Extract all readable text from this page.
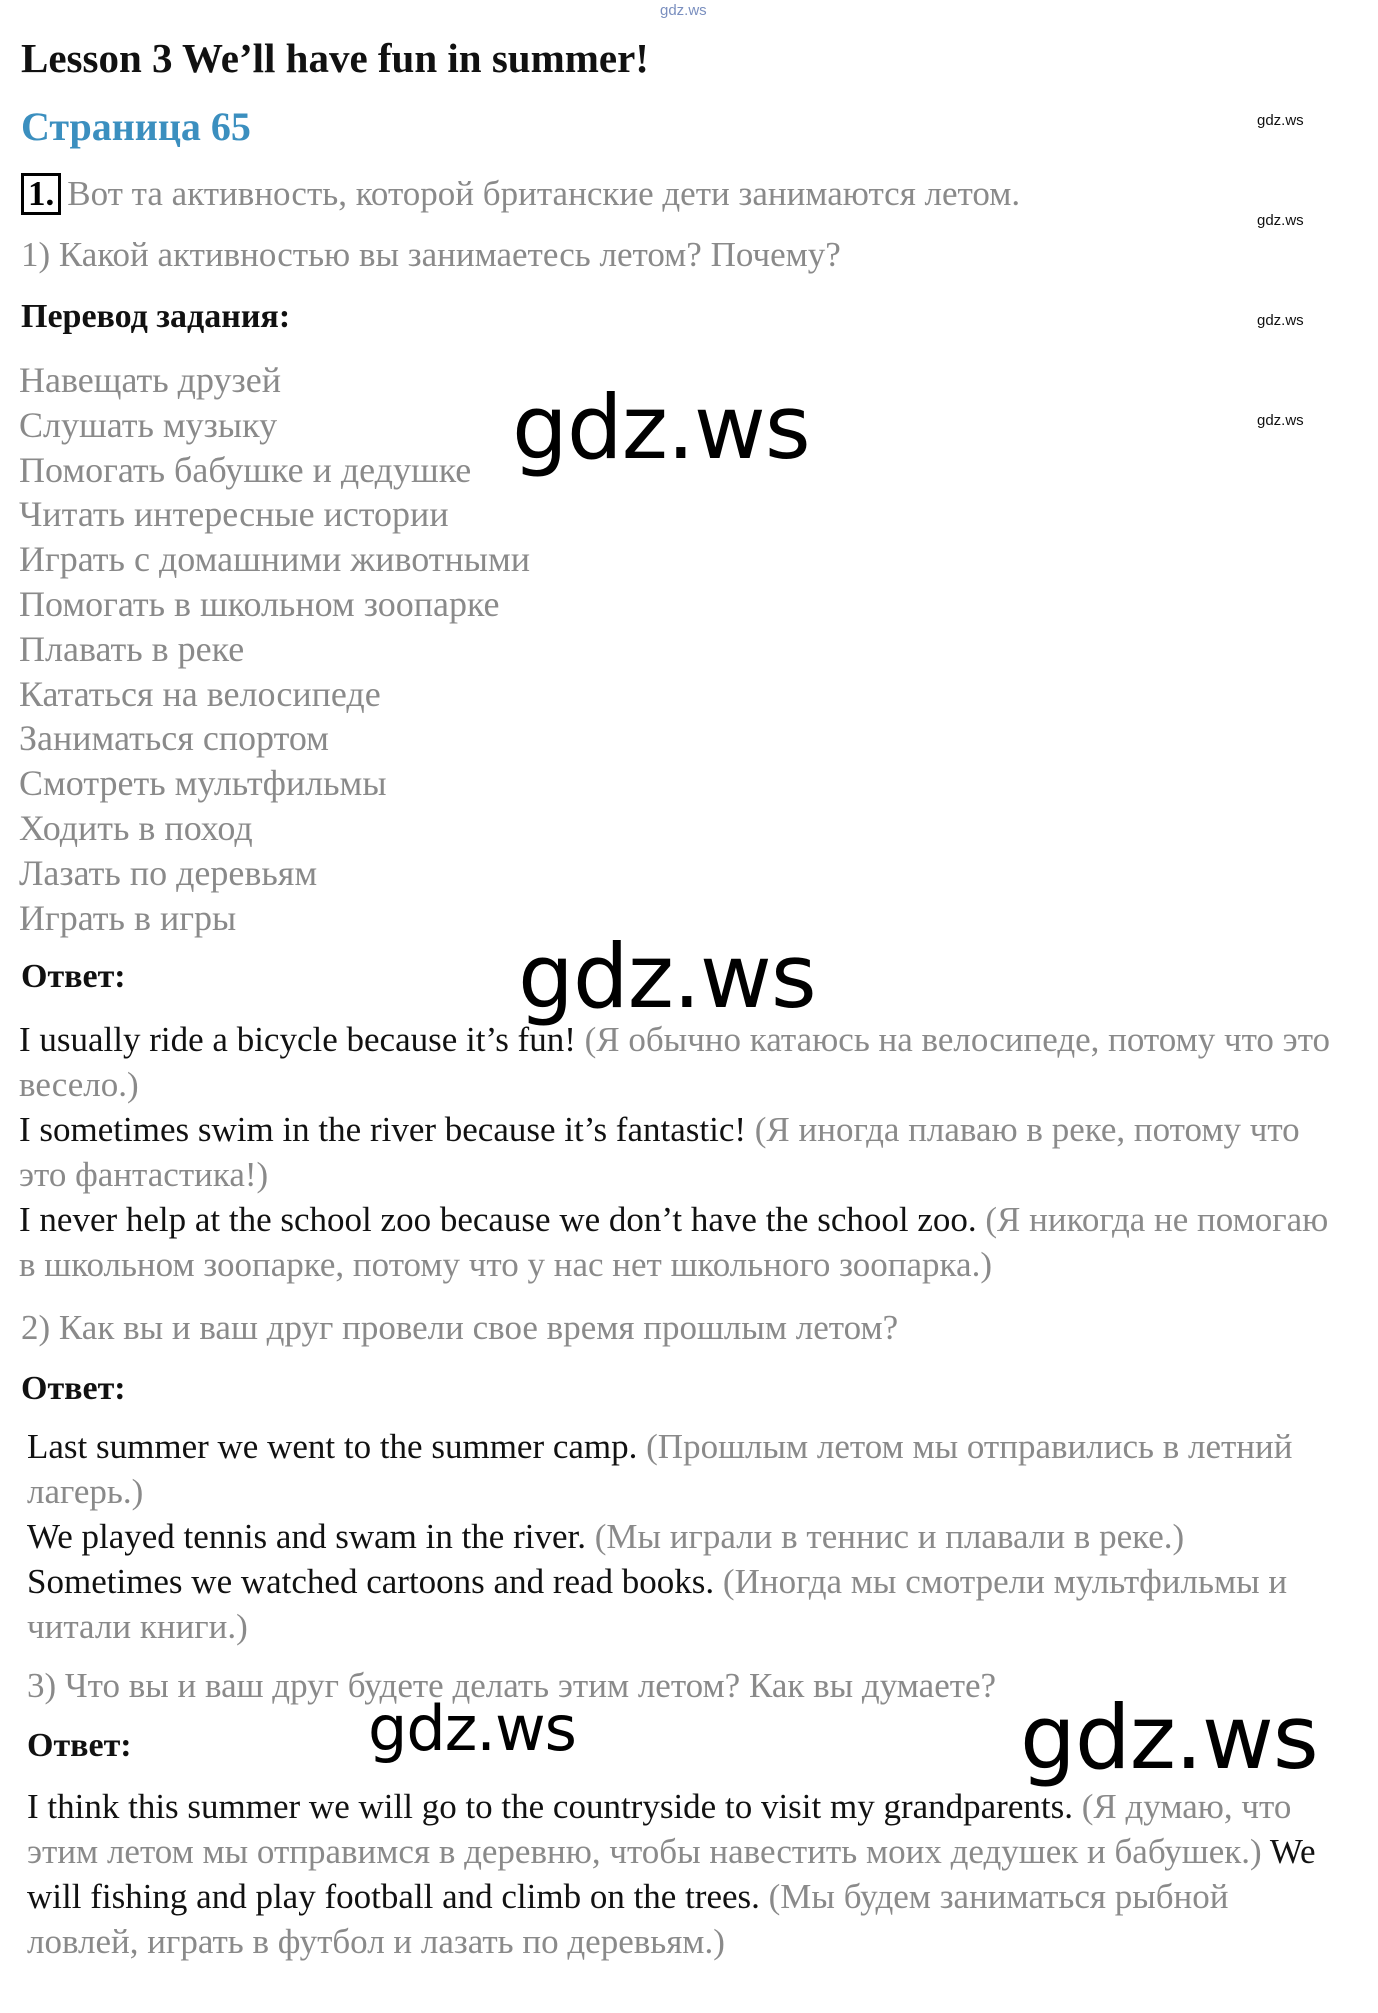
gdz.ws
gdz.ws
gdz.ws
gdz.ws
gdz.ws
Lesson 3 We’ll have fun in summer!
Страница 65
1. Вот та активность, которой британские дети занимаются летом.
1) Какой активностью вы занимаетесь летом? Почему?
Перевод задания:
Навещать друзей
Слушать музыку
Помогать бабушке и дедушке
Читать интересные истории
Играть с домашними животными
Помогать в школьном зоопарке
Плавать в реке
Кататься на велосипеде
Заниматься спортом
Смотреть мультфильмы
Ходить в поход
Лазать по деревьям
Играть в игры
Ответ:
I usually ride a bicycle because it’s fun! (Я обычно катаюсь на велосипеде, потому что это весело.)
I sometimes swim in the river because it’s fantastic! (Я иногда плаваю в реке, потому что это фантастика!)
I never help at the school zoo because we don’t have the school zoo. (Я никогда не помогаю в школьном зоопарке, потому что у нас нет школьного зоопарка.)
2) Как вы и ваш друг провели свое время прошлым летом?
Ответ:
Last summer we went to the summer camp. (Прошлым летом мы отправились в летний лагерь.)
We played tennis and swam in the river. (Мы играли в теннис и плавали в реке.)
Sometimes we watched cartoons and read books. (Иногда мы смотрели мультфильмы и читали книги.)
3) Что вы и ваш друг будете делать этим летом? Как вы думаете?
Ответ:
I think this summer we will go to the countryside to visit my grandparents. (Я думаю, что этим летом мы отправимся в деревню, чтобы навестить моих дедушек и бабушек.) We will fishing and play football and climb on the trees. (Мы будем заниматься рыбной ловлей, играть в футбол и лазать по деревьям.)
gdz.ws
gdz.ws
gdz.ws	gdz.ws
